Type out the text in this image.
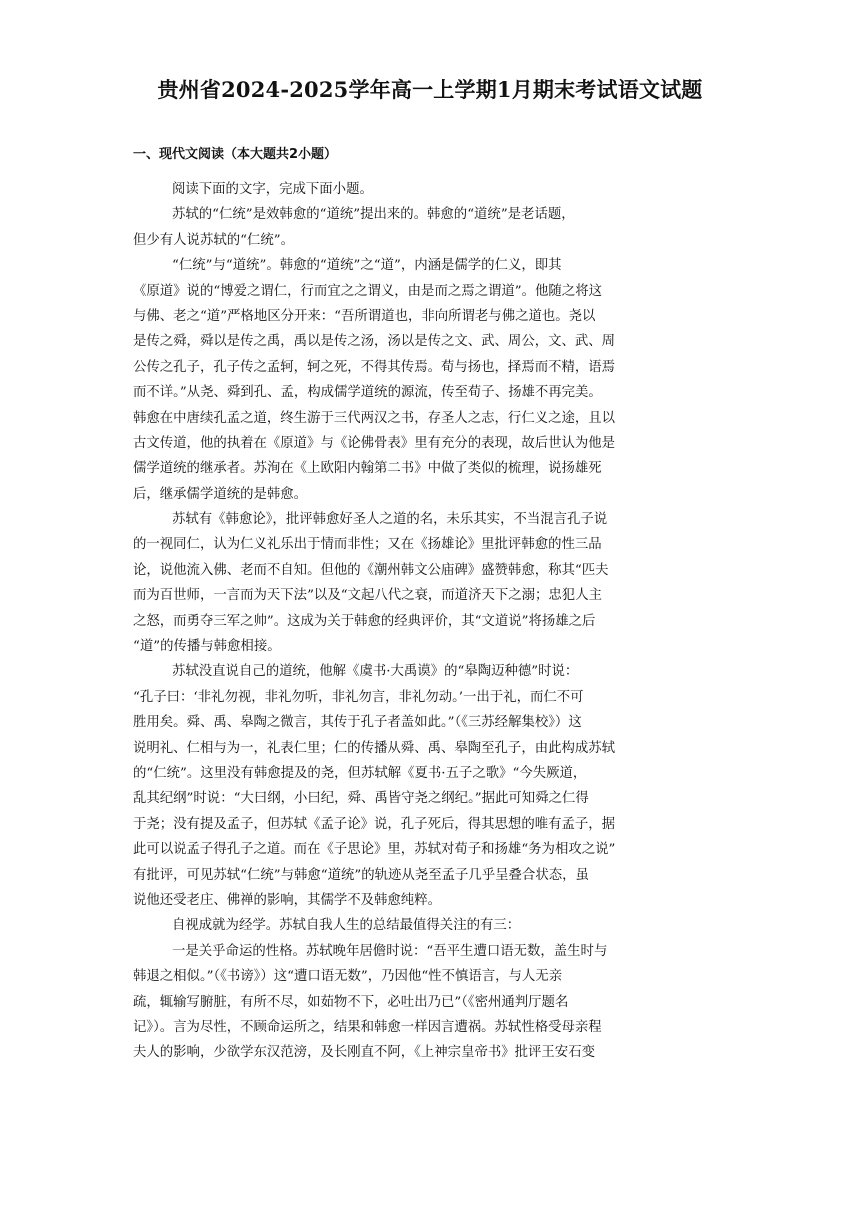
贵州省2024-2025学年高一上学期1月期末考试语文试题
一、现代文阅读（本大题共2小题）
阅读下面的文字，完成下面小题。
苏轼的“仁统”是效韩愈的“道统”提出来的。韩愈的“道统”是老话题，
但少有人说苏轼的“仁统”。
“仁统”与“道统”。韩愈的“道统”之“道”，内涵是儒学的仁义，即其
《原道》说的“博爱之谓仁，行而宜之之谓义，由是而之焉之谓道”。他随之将这
与佛、老之“道”严格地区分开来：“吾所谓道也，非向所谓老与佛之道也。尧以
是传之舜，舜以是传之禹，禹以是传之汤，汤以是传之文、武、周公，文、武、周
公传之孔子，孔子传之孟轲，轲之死，不得其传焉。荀与扬也，择焉而不精，语焉
而不详。”从尧、舜到孔、孟，构成儒学道统的源流，传至荀子、扬雄不再完美。
韩愈在中唐续孔孟之道，终生游于三代两汉之书，存圣人之志，行仁义之途，且以
古文传道，他的执着在《原道》与《论佛骨表》里有充分的表现，故后世认为他是
儒学道统的继承者。苏洵在《上欧阳内翰第二书》中做了类似的梳理，说扬雄死
后，继承儒学道统的是韩愈。
苏轼有《韩愈论》，批评韩愈好圣人之道的名，未乐其实，不当混言孔子说
的一视同仁，认为仁义礼乐出于情而非性；又在《扬雄论》里批评韩愈的性三品
论，说他流入佛、老而不自知。但他的《潮州韩文公庙碑》盛赞韩愈，称其“匹夫
而为百世师，一言而为天下法”以及“文起八代之衰，而道济天下之溺；忠犯人主
之怒，而勇夺三军之帅”。这成为关于韩愈的经典评价，其“文道说”将扬雄之后
“道”的传播与韩愈相接。
苏轼没直说自己的道统，他解《虞书·大禹谟》的“皋陶迈种德”时说：
“孔子曰：‘非礼勿视，非礼勿听，非礼勿言，非礼勿动。’一出于礼，而仁不可
胜用矣。舜、禹、皋陶之微言，其传于孔子者盖如此。”（《三苏经解集校》）这
说明礼、仁相与为一，礼表仁里；仁的传播从舜、禹、皋陶至孔子，由此构成苏轼
的“仁统”。这里没有韩愈提及的尧，但苏轼解《夏书·五子之歌》“今失厥道，
乱其纪纲”时说：“大曰纲，小曰纪，舜、禹皆守尧之纲纪。”据此可知舜之仁得
于尧；没有提及孟子，但苏轼《孟子论》说，孔子死后，得其思想的唯有孟子，据
此可以说孟子得孔子之道。而在《子思论》里，苏轼对荀子和扬雄“务为相攻之说”
有批评，可见苏轼“仁统”与韩愈“道统”的轨迹从尧至孟子几乎呈叠合状态，虽
说他还受老庄、佛禅的影响，其儒学不及韩愈纯粹。
自视成就为经学。苏轼自我人生的总结最值得关注的有三：
一是关乎命运的性格。苏轼晚年居儋时说：“吾平生遭口语无数，盖生时与
韩退之相似。”（《书谤》）这“遭口语无数”，乃因他“性不慎语言，与人无亲
疏，辄输写腑脏，有所不尽，如茹物不下，必吐出乃已”（《密州通判厅题名
记》）。言为尽性，不顾命运所之，结果和韩愈一样因言遭祸。苏轼性格受母亲程
夫人的影响，少欲学东汉范滂，及长刚直不阿，《上神宗皇帝书》批评王安石变
